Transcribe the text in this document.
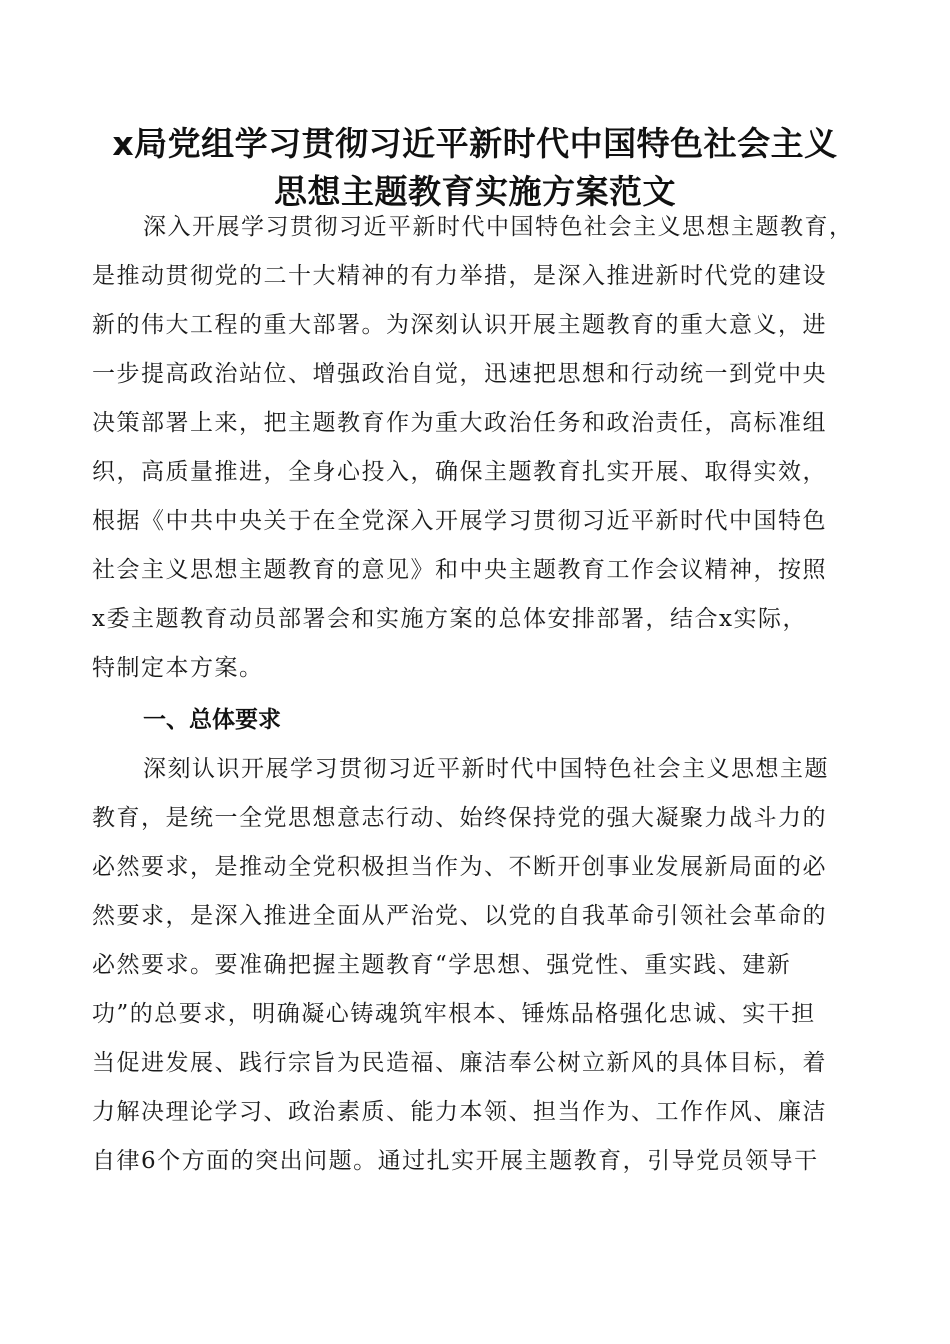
x局党组学习贯彻习近平新时代中国特色社会主义
思想主题教育实施方案范文
深入开展学习贯彻习近平新时代中国特色社会主义思想主题教育，
是推动贯彻党的二十大精神的有力举措，是深入推进新时代党的建设
新的伟大工程的重大部署。为深刻认识开展主题教育的重大意义，进
一步提高政治站位、增强政治自觉，迅速把思想和行动统一到党中央
决策部署上来，把主题教育作为重大政治任务和政治责任，高标准组
织，高质量推进，全身心投入，确保主题教育扎实开展、取得实效，
根据《中共中央关于在全党深入开展学习贯彻习近平新时代中国特色
社会主义思想主题教育的意见》和中央主题教育工作会议精神，按照
x委主题教育动员部署会和实施方案的总体安排部署，结合x实际，
特制定本方案。
一、总体要求
深刻认识开展学习贯彻习近平新时代中国特色社会主义思想主题
教育，是统一全党思想意志行动、始终保持党的强大凝聚力战斗力的
必然要求，是推动全党积极担当作为、不断开创事业发展新局面的必
然要求，是深入推进全面从严治党、以党的自我革命引领社会革命的
必然要求。要准确把握主题教育“学思想、强党性、重实践、建新
功”的总要求，明确凝心铸魂筑牢根本、锤炼品格强化忠诚、实干担
当促进发展、践行宗旨为民造福、廉洁奉公树立新风的具体目标，着
力解决理论学习、政治素质、能力本领、担当作为、工作作风、廉洁
自律6个方面的突出问题。通过扎实开展主题教育，引导党员领导干
